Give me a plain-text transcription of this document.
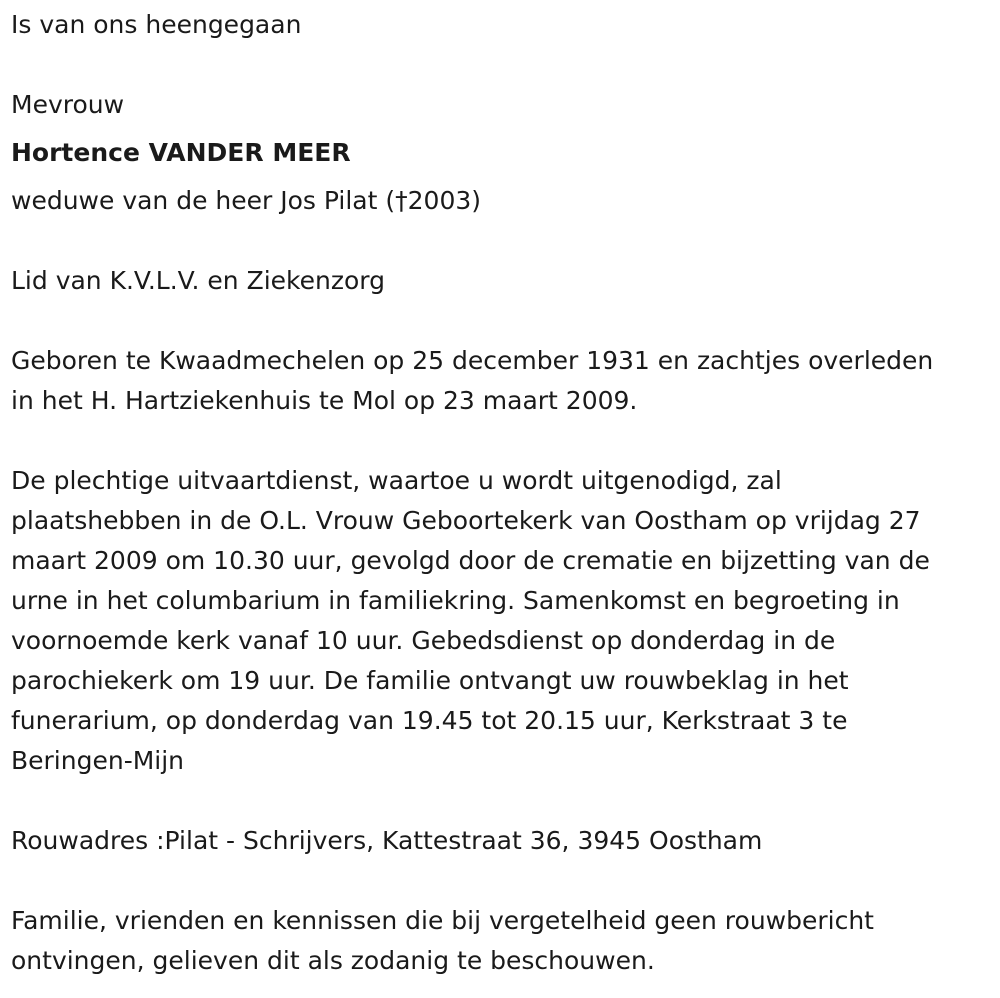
Is van ons heengegaan
Mevrouw
Hortence VANDER MEER
weduwe van de heer Jos Pilat (†2003)
Lid van K.V.L.V. en Ziekenzorg
Geboren te Kwaadmechelen op 25 december 1931 en zachtjes overleden
in het H. Hartziekenhuis te Mol op 23 maart 2009.
De plechtige uitvaartdienst, waartoe u wordt uitgenodigd, zal
plaatshebben in de O.L. Vrouw Geboortekerk van Oostham op vrijdag 27
maart 2009 om 10.30 uur, gevolgd door de crematie en bijzetting van de
urne in het columbarium in familiekring. Samenkomst en begroeting in
voornoemde kerk vanaf 10 uur. Gebedsdienst op donderdag in de
parochiekerk om 19 uur. De familie ontvangt uw rouwbeklag in het
funerarium, op donderdag van 19.45 tot 20.15 uur, Kerkstraat 3 te
Beringen-Mijn
Rouwadres :Pilat - Schrijvers, Kattestraat 36, 3945 Oostham
Familie, vrienden en kennissen die bij vergetelheid geen rouwbericht
ontvingen, gelieven dit als zodanig te beschouwen.
